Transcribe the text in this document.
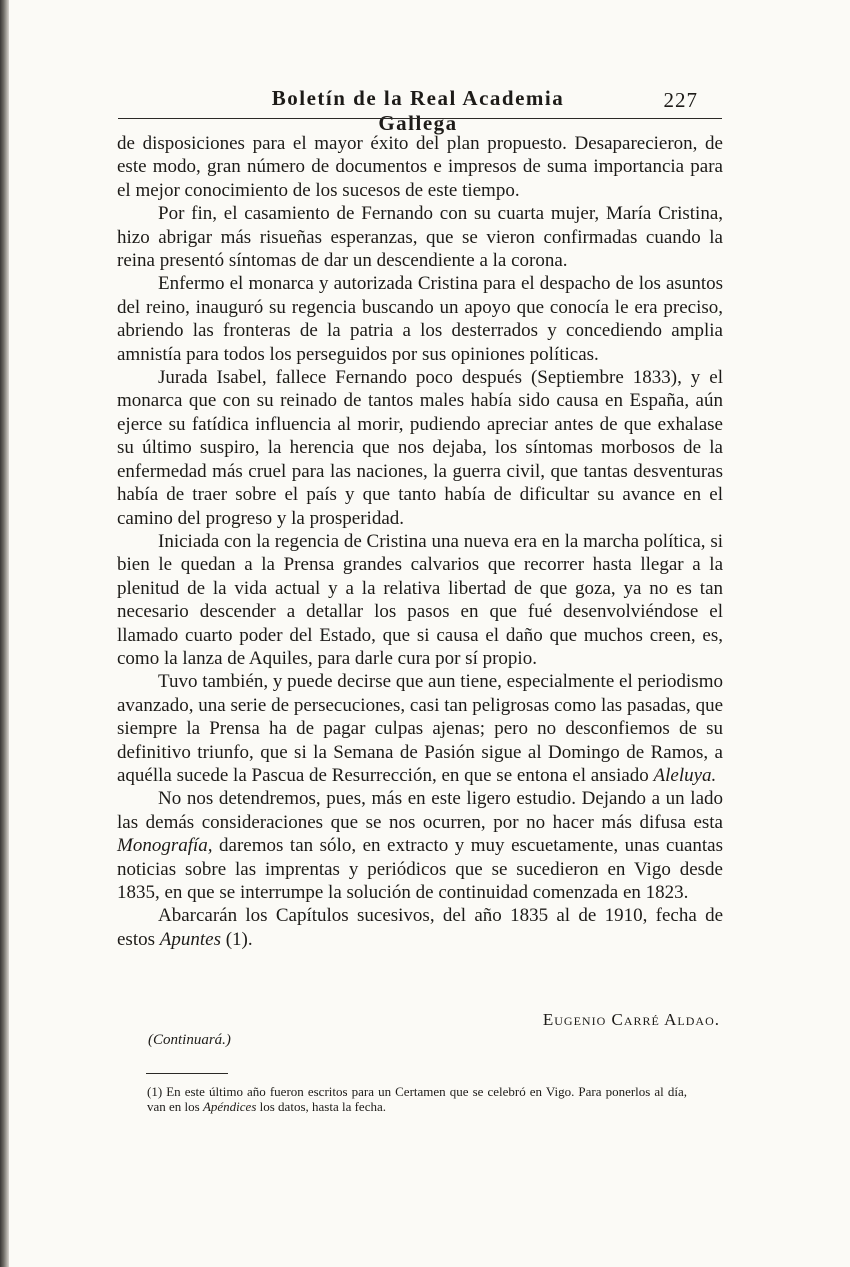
Boletín de la Real Academia Gallega
227

de disposiciones para el mayor éxito del plan propuesto. Desaparecieron, de este modo, gran número de documentos e impresos de suma importancia para el mejor conocimiento de los sucesos de este tiempo.

Por fin, el casamiento de Fernando con su cuarta mujer, María Cristina, hizo abrigar más risueñas esperanzas, que se vieron confirmadas cuando la reina presentó síntomas de dar un descendiente a la corona.

Enfermo el monarca y autorizada Cristina para el despacho de los asuntos del reino, inauguró su regencia buscando un apoyo que conocía le era preciso, abriendo las fronteras de la patria a los desterrados y concediendo amplia amnistía para todos los perseguidos por sus opiniones políticas.

Jurada Isabel, fallece Fernando poco después (Septiembre 1833), y el monarca que con su reinado de tantos males había sido causa en España, aún ejerce su fatídica influencia al morir, pudiendo apreciar antes de que exhalase su último suspiro, la herencia que nos dejaba, los síntomas morbosos de la enfermedad más cruel para las naciones, la guerra civil, que tantas desventuras había de traer sobre el país y que tanto había de dificultar su avance en el camino del progreso y la prosperidad.

Iniciada con la regencia de Cristina una nueva era en la marcha política, si bien le quedan a la Prensa grandes calvarios que recorrer hasta llegar a la plenitud de la vida actual y a la relativa libertad de que goza, ya no es tan necesario descender a detallar los pasos en que fué desenvolviéndose el llamado cuarto poder del Estado, que si causa el daño que muchos creen, es, como la lanza de Aquiles, para darle cura por sí propio.

Tuvo también, y puede decirse que aun tiene, especialmente el periodismo avanzado, una serie de persecuciones, casi tan peligrosas como las pasadas, que siempre la Prensa ha de pagar culpas ajenas; pero no desconfiemos de su definitivo triunfo, que si la Semana de Pasión sigue al Domingo de Ramos, a aquélla sucede la Pascua de Resurrección, en que se entona el ansiado Aleluya.

No nos detendremos, pues, más en este ligero estudio. Dejando a un lado las demás consideraciones que se nos ocurren, por no hacer más difusa esta Monografía, daremos tan sólo, en extracto y muy escuetamente, unas cuantas noticias sobre las imprentas y periódicos que se sucedieron en Vigo desde 1835, en que se interrumpe la solución de continuidad comenzada en 1823.

Abarcarán los Capítulos sucesivos, del año 1835 al de 1910, fecha de estos Apuntes (1).

Eugenio Carré Aldao.
(Continuará.)

(1) En este último año fueron escritos para un Certamen que se celebró en Vigo. Para ponerlos al día, van en los Apéndices los datos, hasta la fecha.
